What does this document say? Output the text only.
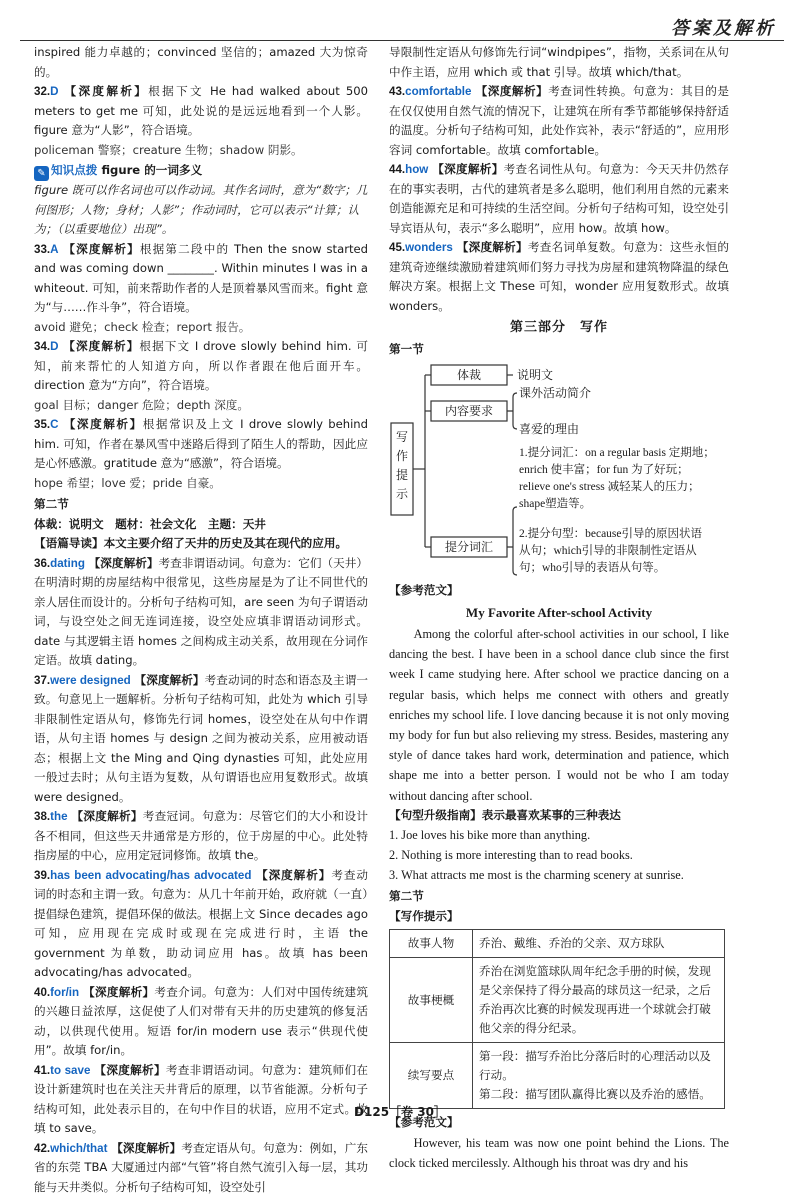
答案及解析
inspired 能力卓越的；convinced 坚信的；amazed 大为惊奇的。
32.D 【深度解析】根据下文 He had walked about 500 meters to get me 可知，此处说的是远远地看到一个人影。figure 意为“人影”，符合语境。
policeman 警察；creature 生物；shadow 阴影。
✎ 知识点拨 figure 的一词多义
figure 既可以作名词也可以作动词。其作名词时，意为“数字；几何图形；人物；身材；人影”；作动词时，它可以表示“计算；认为；（以重要地位）出现”。
33.A 【深度解析】根据第二段中的 Then the snow started and was coming down ________. Within minutes I was in a whiteout. 可知，前来帮助作者的人是顶着暴风雪而来。fight 意为“与……作斗争”，符合语境。
avoid 避免；check 检查；report 报告。
34.D 【深度解析】根据下文 I drove slowly behind him. 可知，前来帮忙的人知道方向，所以作者跟在他后面开车。direction 意为“方向”，符合语境。
goal 目标；danger 危险；depth 深度。
35.C 【深度解析】根据常识及上文 I drove slowly behind him. 可知，作者在暴风雪中迷路后得到了陌生人的帮助，因此应是心怀感激。gratitude 意为“感激”，符合语境。
hope 希望；love 爱；pride 自豪。
第二节
体裁：说明文　题材：社会文化　主题：天井
【语篇导读】本文主要介绍了天井的历史及其在现代的应用。
36.dating 【深度解析】考查非谓语动词。句意为：它们（天井）在明清时期的房屋结构中很常见，这些房屋是为了让不同世代的亲人居住而设计的。分析句子结构可知，are seen 为句子谓语动词，与设空处之间无连词连接，设空处应填非谓语动词形式。date 与其逻辑主语 homes 之间构成主动关系，故用现在分词作定语。故填 dating。
37.were designed 【深度解析】考查动词的时态和语态及主谓一致。句意见上一题解析。分析句子结构可知，此处为 which 引导非限制性定语从句，修饰先行词 homes，设空处在从句中作谓语，从句主语 homes 与 design 之间为被动关系，应用被动语态；根据上文 the Ming and Qing dynasties 可知，此处应用一般过去时；从句主语为复数，从句谓语也应用复数形式。故填 were designed。
38.the 【深度解析】考查冠词。句意为：尽管它们的大小和设计各不相同，但这些天井通常是方形的，位于房屋的中心。此处特指房屋的中心，应用定冠词修饰。故填 the。
39.has been advocating/has advocated 【深度解析】考查动词的时态和主谓一致。句意为：从几十年前开始，政府就（一直）提倡绿色建筑，提倡环保的做法。根据上文 Since decades ago 可知，应用现在完成时或现在完成进行时，主语 the government 为单数，助动词应用 has。故填 has been advocating/has advocated。
40.for/in 【深度解析】考查介词。句意为：人们对中国传统建筑的兴趣日益浓厚，这促使了人们对带有天井的历史建筑的修复活动，以供现代使用。短语 for/in modern use 表示“供现代使用”。故填 for/in。
41.to save 【深度解析】考查非谓语动词。句意为：建筑师们在设计新建筑时也在关注天井背后的原理，以节省能源。分析句子结构可知，此处表示目的，在句中作目的状语，应用不定式。故填 to save。
42.which/that 【深度解析】考查定语从句。句意为：例如，广东省的东莞 TBA 大厦通过内部“气管”将自然气流引入每一层，其功能与天井类似。分析句子结构可知，设空处引
导限制性定语从句修饰先行词“windpipes”，指物，关系词在从句中作主语，应用 which 或 that 引导。故填 which/that。
43.comfortable 【深度解析】考查词性转换。句意为：其目的是在仅仅使用自然气流的情况下，让建筑在所有季节都能够保持舒适的温度。分析句子结构可知，此处作宾补，表示“舒适的”，应用形容词 comfortable。故填 comfortable。
44.how 【深度解析】考查名词性从句。句意为：今天天井仍然存在的事实表明，古代的建筑者是多么聪明，他们利用自然的元素来创造能源充足和可持续的生活空间。分析句子结构可知，设空处引导宾语从句，表示“多么聪明”，应用 how。故填 how。
45.wonders 【深度解析】考查名词单复数。句意为：这些永恒的建筑奇迹继续激励着建筑师们努力寻找为房屋和建筑物降温的绿色解决方案。根据上文 These 可知，wonder 应用复数形式。故填 wonders。
第三部分　写作
第一节
写
作
提
示
体裁
内容要求
提分词汇
说明文
课外活动简介
喜爱的理由
1.提分词汇：on a regular basis 定期地；
enrich 使丰富；for fun 为了好玩；
relieve one's stress 减轻某人的压力；
shape塑造等。
2.提分句型：because引导的原因状语
从句；which引导的非限制性定语从
句；who引导的表语从句等。
【参考范文】
My Favorite After-school Activity

Among the colorful after-school activities in our school, I like dancing the best. I have been in a school dance club since the first week I came studying here. After school we practice dancing on a regular basis, which helps me connect with others and greatly enriches my school life. I love dancing because it is not only moving my body for fun but also relieving my stress. Besides, mastering any style of dance takes hard work, determination and patience, which shape me into a better person. I would not be who I am today without dancing after school.

【句型升级指南】表示最喜欢某事的三种表达
1. Joe loves his bike more than anything.
2. Nothing is more interesting than to read books.
3. What attracts me most is the charming scenery at sunrise.
第二节
【写作提示】
故事人物	乔治、戴维、乔治的父亲、双方球队
故事梗概	乔治在浏览篮球队周年纪念手册的时候，发现是父亲保持了得分最高的球员这一纪录，之后乔治再次比赛的时候发现再进一个球就会打破他父亲的得分纪录。
续写要点	第一段：描写乔治比分落后时的心理活动以及行动。
第二段：描写团队赢得比赛以及乔治的感悟。
【参考范文】

However, his team was now one point behind the Lions. The clock ticked mercilessly. Although his throat was dry and his

D125［卷 30］
